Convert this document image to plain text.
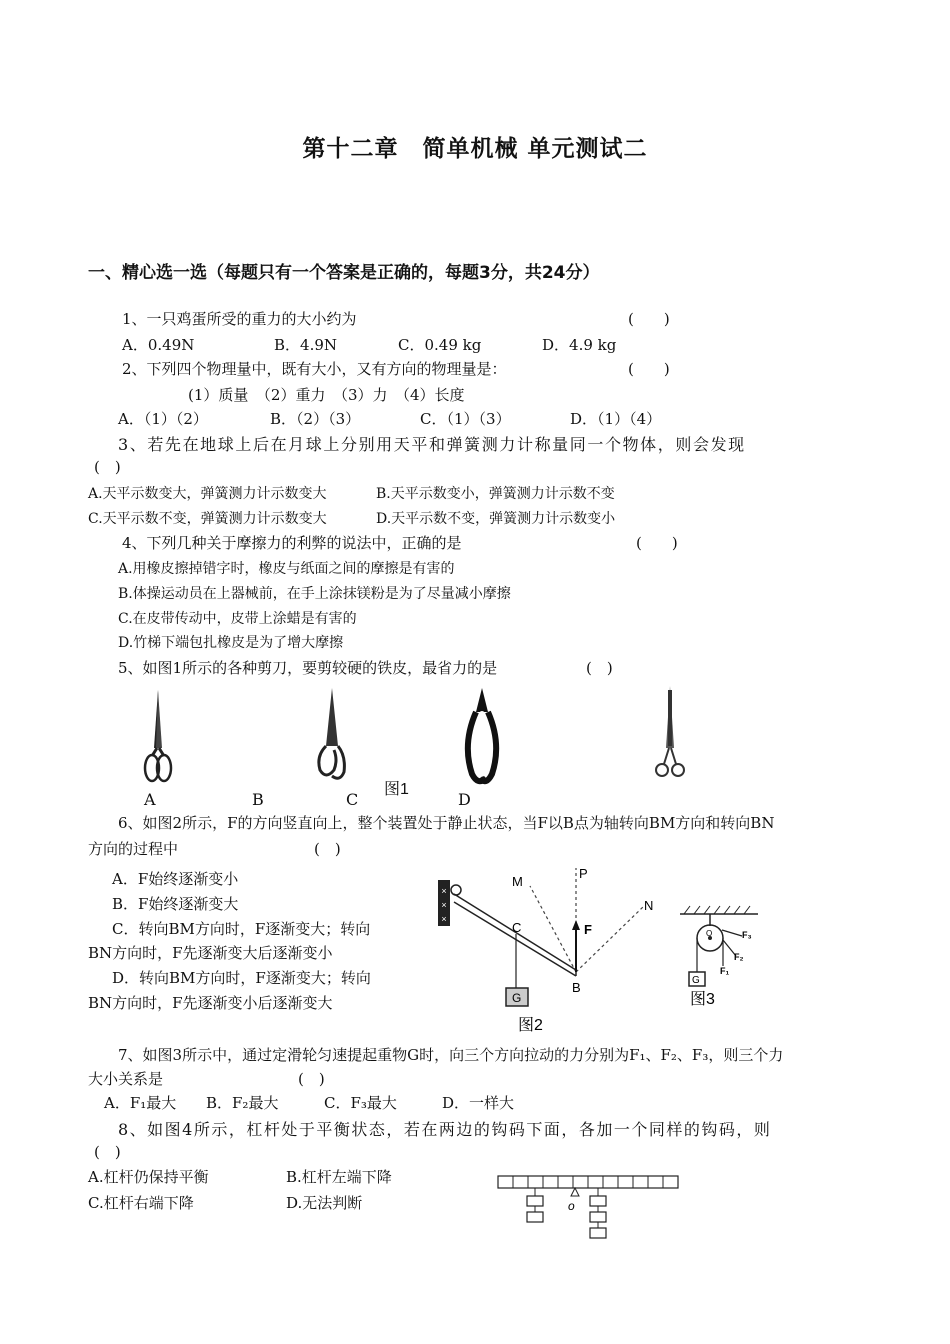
第十二章　简单机械 单元测试二
一、精心选一选（每题只有一个答案是正确的，每题3分，共24分）
1、一只鸡蛋所受的重力的大小约为	(　　)
A．0.49N	B．4.9N	C．0.49 kg	D．4.9 kg
2、下列四个物理量中，既有大小，又有方向的物理量是：	(　　)
(1）质量　（2）重力　（3）力　（4）长度
A．（1）（2）	B．（2）（3）	C．（1）（3）	D．（1）（4）
3、若先在地球上后在月球上分别用天平和弹簧测力计称量同一个物体，则会发现
(　)
A.天平示数变大，弹簧测力计示数变大	B.天平示数变小，弹簧测力计示数不变
C.天平示数不变，弹簧测力计示数变大	D.天平示数不变，弹簧测力计示数变小
4、下列几种关于摩擦力的利弊的说法中，正确的是	(　　)
A.用橡皮擦掉错字时，橡皮与纸面之间的摩擦是有害的
B.体操运动员在上器械前，在手上涂抹镁粉是为了尽量减小摩擦
C.在皮带传动中，皮带上涂蜡是有害的
D.竹梯下端包扎橡皮是为了增大摩擦
5、如图1所示的各种剪刀，要剪较硬的铁皮，最省力的是	(　)
图1
A	B	C	D
6、如图2所示，F的方向竖直向上，整个装置处于静止状态，当F以B点为轴转向BM方向和转向BN
方向的过程中	(　)
A．F始终逐渐变小
B．F始终逐渐变大
C．转向BM方向时，F逐渐变大；转向
BN方向时，F先逐渐变大后逐渐变小
D．转向BM方向时，F逐渐变大；转向
BN方向时，F先逐渐变小后逐渐变大
×
×
×
M
P
N
F
C
B
G
图2
O	F₃
F₂
F₁
G
图3
7、如图3所示中，通过定滑轮匀速提起重物G时，向三个方向拉动的力分别为F₁、F₂、F₃，则三个力
大小关系是	(　)
A．F₁最大 B．F₂最大	C．F₃最大	D．一样大
8、如图4所示，杠杆处于平衡状态，若在两边的钩码下面，各加一个同样的钩码，则
(　)
A.杠杆仍保持平衡	B.杠杆左端下降
C.杠杆右端下降	D.无法判断	o
